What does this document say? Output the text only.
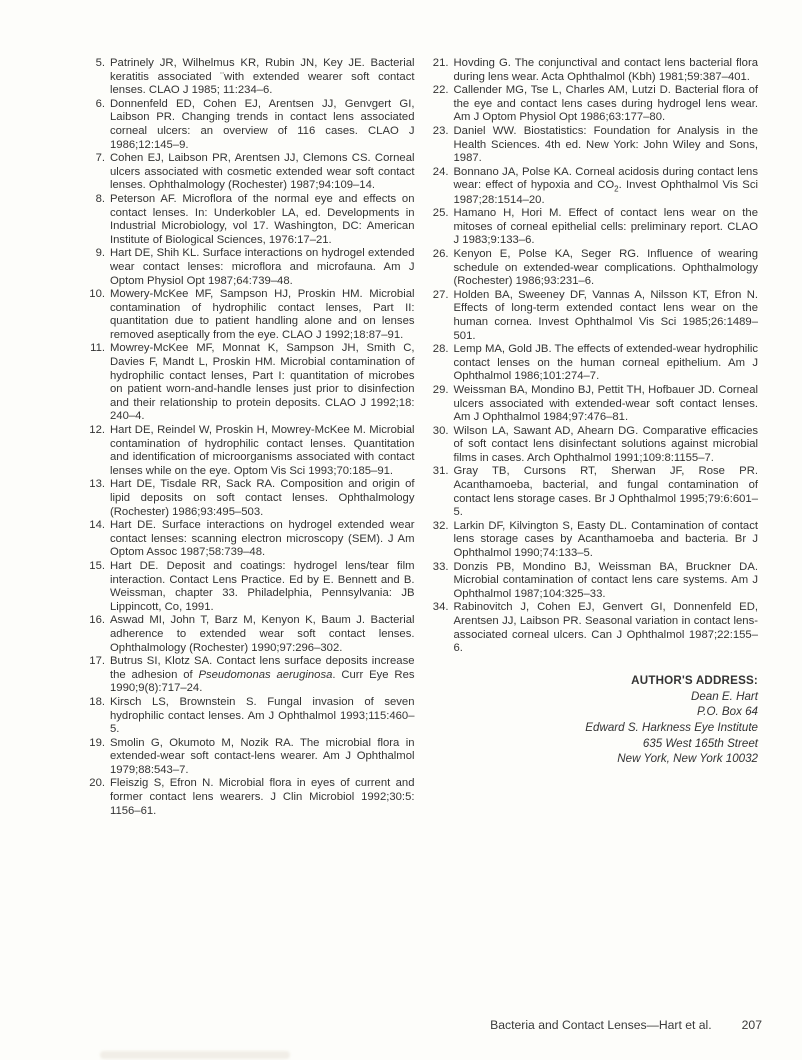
5. Patrinely JR, Wilhelmus KR, Rubin JN, Key JE. Bacterial keratitis associated ¨with extended wearer soft contact lenses. CLAO J 1985; 11:234–6.
6. Donnenfeld ED, Cohen EJ, Arentsen JJ, Genvgert GI, Laibson PR. Changing trends in contact lens associated corneal ulcers: an overview of 116 cases. CLAO J 1986;12:145–9.
7. Cohen EJ, Laibson PR, Arentsen JJ, Clemons CS. Corneal ulcers associated with cosmetic extended wear soft contact lenses. Ophthalmology (Rochester) 1987;94:109–14.
8. Peterson AF. Microflora of the normal eye and effects on contact lenses. In: Underkobler LA, ed. Developments in Industrial Microbiology, vol 17. Washington, DC: American Institute of Biological Sciences, 1976:17–21.
9. Hart DE, Shih KL. Surface interactions on hydrogel extended wear contact lenses: microflora and microfauna. Am J Optom Physiol Opt 1987;64:739–48.
10. Mowery-McKee MF, Sampson HJ, Proskin HM. Microbial contamination of hydrophilic contact lenses, Part II: quantitation due to patient handling alone and on lenses removed aseptically from the eye. CLAO J 1992;18:87–91.
11. Mowrey-McKee MF, Monnat K, Sampson JH, Smith C, Davies F, Mandt L, Proskin HM. Microbial contamination of hydrophilic contact lenses, Part I: quantitation of microbes on patient worn-and-handle lenses just prior to disinfection and their relationship to protein deposits. CLAO J 1992;18: 240–4.
12. Hart DE, Reindel W, Proskin H, Mowrey-McKee M. Microbial contamination of hydrophilic contact lenses. Quantitation and identification of microorganisms associated with contact lenses while on the eye. Optom Vis Sci 1993;70:185–91.
13. Hart DE, Tisdale RR, Sack RA. Composition and origin of lipid deposits on soft contact lenses. Ophthalmology (Rochester) 1986;93:495–503.
14. Hart DE. Surface interactions on hydrogel extended wear contact lenses: scanning electron microscopy (SEM). J Am Optom Assoc 1987;58:739–48.
15. Hart DE. Deposit and coatings: hydrogel lens/tear film interaction. Contact Lens Practice. Ed by E. Bennett and B. Weissman, chapter 33. Philadelphia, Pennsylvania: JB Lippincott, Co, 1991.
16. Aswad MI, John T, Barz M, Kenyon K, Baum J. Bacterial adherence to extended wear soft contact lenses. Ophthalmology (Rochester) 1990;97:296–302.
17. Butrus SI, Klotz SA. Contact lens surface deposits increase the adhesion of Pseudomonas aeruginosa. Curr Eye Res 1990;9(8):717–24.
18. Kirsch LS, Brownstein S. Fungal invasion of seven hydrophilic contact lenses. Am J Ophthalmol 1993;115:460–5.
19. Smolin G, Okumoto M, Nozik RA. The microbial flora in extended-wear soft contact-lens wearer. Am J Ophthalmol 1979;88:543–7.
20. Fleiszig S, Efron N. Microbial flora in eyes of current and former contact lens wearers. J Clin Microbiol 1992;30:5: 1156–61.
21. Hovding G. The conjunctival and contact lens bacterial flora during lens wear. Acta Ophthalmol (Kbh) 1981;59:387–401.
22. Callender MG, Tse L, Charles AM, Lutzi D. Bacterial flora of the eye and contact lens cases during hydrogel lens wear. Am J Optom Physiol Opt 1986;63:177–80.
23. Daniel WW. Biostatistics: Foundation for Analysis in the Health Sciences. 4th ed. New York: John Wiley and Sons, 1987.
24. Bonnano JA, Polse KA. Corneal acidosis during contact lens wear: effect of hypoxia and $CO_2$. Invest Ophthalmol Vis Sci 1987;28:1514–20.
25. Hamano H, Hori M. Effect of contact lens wear on the mitoses of corneal epithelial cells: preliminary report. CLAO J 1983;9:133–6.
26. Kenyon E, Polse KA, Seger RG. Influence of wearing schedule on extended-wear complications. Ophthalmology (Rochester) 1986;93:231–6.
27. Holden BA, Sweeney DF, Vannas A, Nilsson KT, Efron N. Effects of long-term extended contact lens wear on the human cornea. Invest Ophthalmol Vis Sci 1985;26:1489–501.
28. Lemp MA, Gold JB. The effects of extended-wear hydrophilic contact lenses on the human corneal epithelium. Am J Ophthalmol 1986;101:274–7.
29. Weissman BA, Mondino BJ, Pettit TH, Hofbauer JD. Corneal ulcers associated with extended-wear soft contact lenses. Am J Ophthalmol 1984;97:476–81.
30. Wilson LA, Sawant AD, Ahearn DG. Comparative efficacies of soft contact lens disinfectant solutions against microbial films in cases. Arch Ophthalmol 1991;109:8:1155–7.
31. Gray TB, Cursons RT, Sherwan JF, Rose PR. Acanthamoeba, bacterial, and fungal contamination of contact lens storage cases. Br J Ophthalmol 1995;79:6:601–5.
32. Larkin DF, Kilvington S, Easty DL. Contamination of contact lens storage cases by Acanthamoeba and bacteria. Br J Ophthalmol 1990;74:133–5.
33. Donzis PB, Mondino BJ, Weissman BA, Bruckner DA. Microbial contamination of contact lens care systems. Am J Ophthalmol 1987;104:325–33.
34. Rabinovitch J, Cohen EJ, Genvert GI, Donnenfeld ED, Arentsen JJ, Laibson PR. Seasonal variation in contact lens-associated corneal ulcers. Can J Ophthalmol 1987;22:155–6.
AUTHOR'S ADDRESS:
Dean E. Hart
P.O. Box 64
Edward S. Harkness Eye Institute
635 West 165th Street
New York, New York 10032
Bacteria and Contact Lenses—Hart et al. 207
